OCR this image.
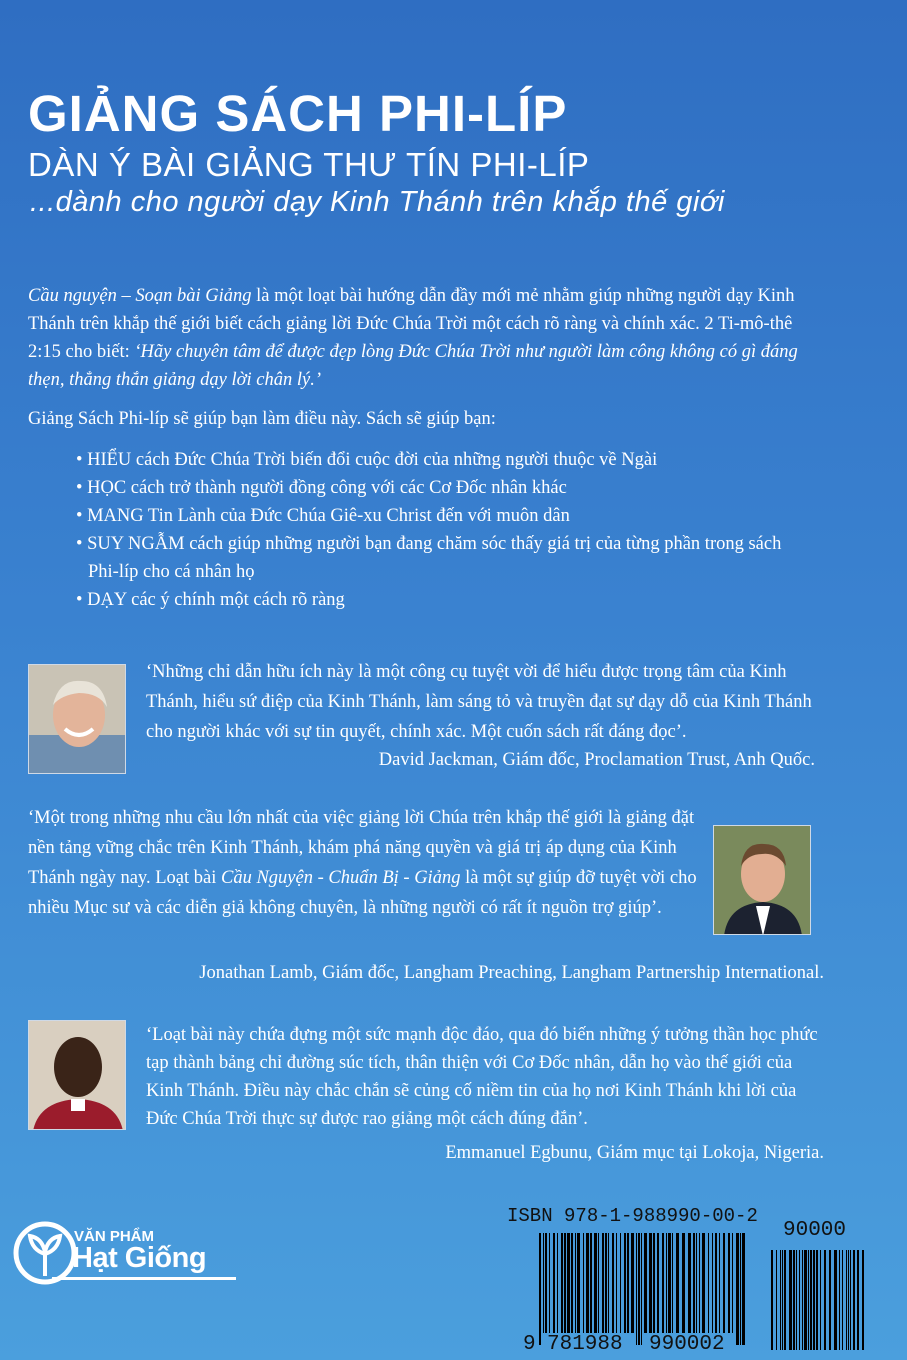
GIẢNG SÁCH PHI-LÍP
DÀN Ý BÀI GIẢNG THƯ TÍN PHI-LÍP
...dành cho người dạy Kinh Thánh trên khắp thế giới
Cầu nguyện – Soạn bài Giảng là một loạt bài hướng dẫn đầy mới mẻ nhằm giúp những người dạy Kinh Thánh trên khắp thế giới biết cách giảng lời Đức Chúa Trời một cách rõ ràng và chính xác. 2 Ti-mô-thê 2:15 cho biết: ‘Hãy chuyên tâm để được đẹp lòng Đức Chúa Trời như người làm công không có gì đáng thẹn, thẳng thắn giảng dạy lời chân lý.’
Giảng Sách Phi-líp sẽ giúp bạn làm điều này. Sách sẽ giúp bạn:
• HIỂU cách Đức Chúa Trời biến đổi cuộc đời của những người thuộc về Ngài
• HỌC cách trở thành người đồng công với các Cơ Đốc nhân khác
• MANG Tin Lành của Đức Chúa Giê-xu Christ đến với muôn dân
• SUY NGẪM cách giúp những người bạn đang chăm sóc thấy giá trị của từng phần trong sách Phi-líp cho cá nhân họ
• DẠY các ý chính một cách rõ ràng
‘Những chỉ dẫn hữu ích này là một công cụ tuyệt vời để hiểu được trọng tâm của Kinh Thánh, hiểu sứ điệp của Kinh Thánh, làm sáng tỏ và truyền đạt sự dạy dỗ của Kinh Thánh cho người khác với sự tin quyết, chính xác. Một cuốn sách rất đáng đọc’.
David Jackman, Giám đốc, Proclamation Trust, Anh Quốc.
‘Một trong những nhu cầu lớn nhất của việc giảng lời Chúa trên khắp thế giới là giảng đặt nền tảng vững chắc trên Kinh Thánh, khám phá năng quyền và giá trị áp dụng của Kinh Thánh ngày nay. Loạt bài Cầu Nguyện - Chuẩn Bị - Giảng là một sự giúp đỡ tuyệt vời cho nhiều Mục sư và các diễn giả không chuyên, là những người có rất ít nguồn trợ giúp’.
Jonathan Lamb, Giám đốc, Langham Preaching, Langham Partnership International.
‘Loạt bài này chứa đựng một sức mạnh độc đáo, qua đó biến những ý tưởng thần học phức tạp thành bảng chỉ đường súc tích, thân thiện với Cơ Đốc nhân, dẫn họ vào thế giới của Kinh Thánh. Điều này chắc chắn sẽ củng cố niềm tin của họ nơi Kinh Thánh khi lời của Đức Chúa Trời thực sự được rao giảng một cách đúng đắn’.
Emmanuel Egbunu, Giám mục tại Lokoja, Nigeria.
VĂN PHẨM
Hạt Giống
ISBN 978-1-988990-00-2
90000
9 781988 990002
